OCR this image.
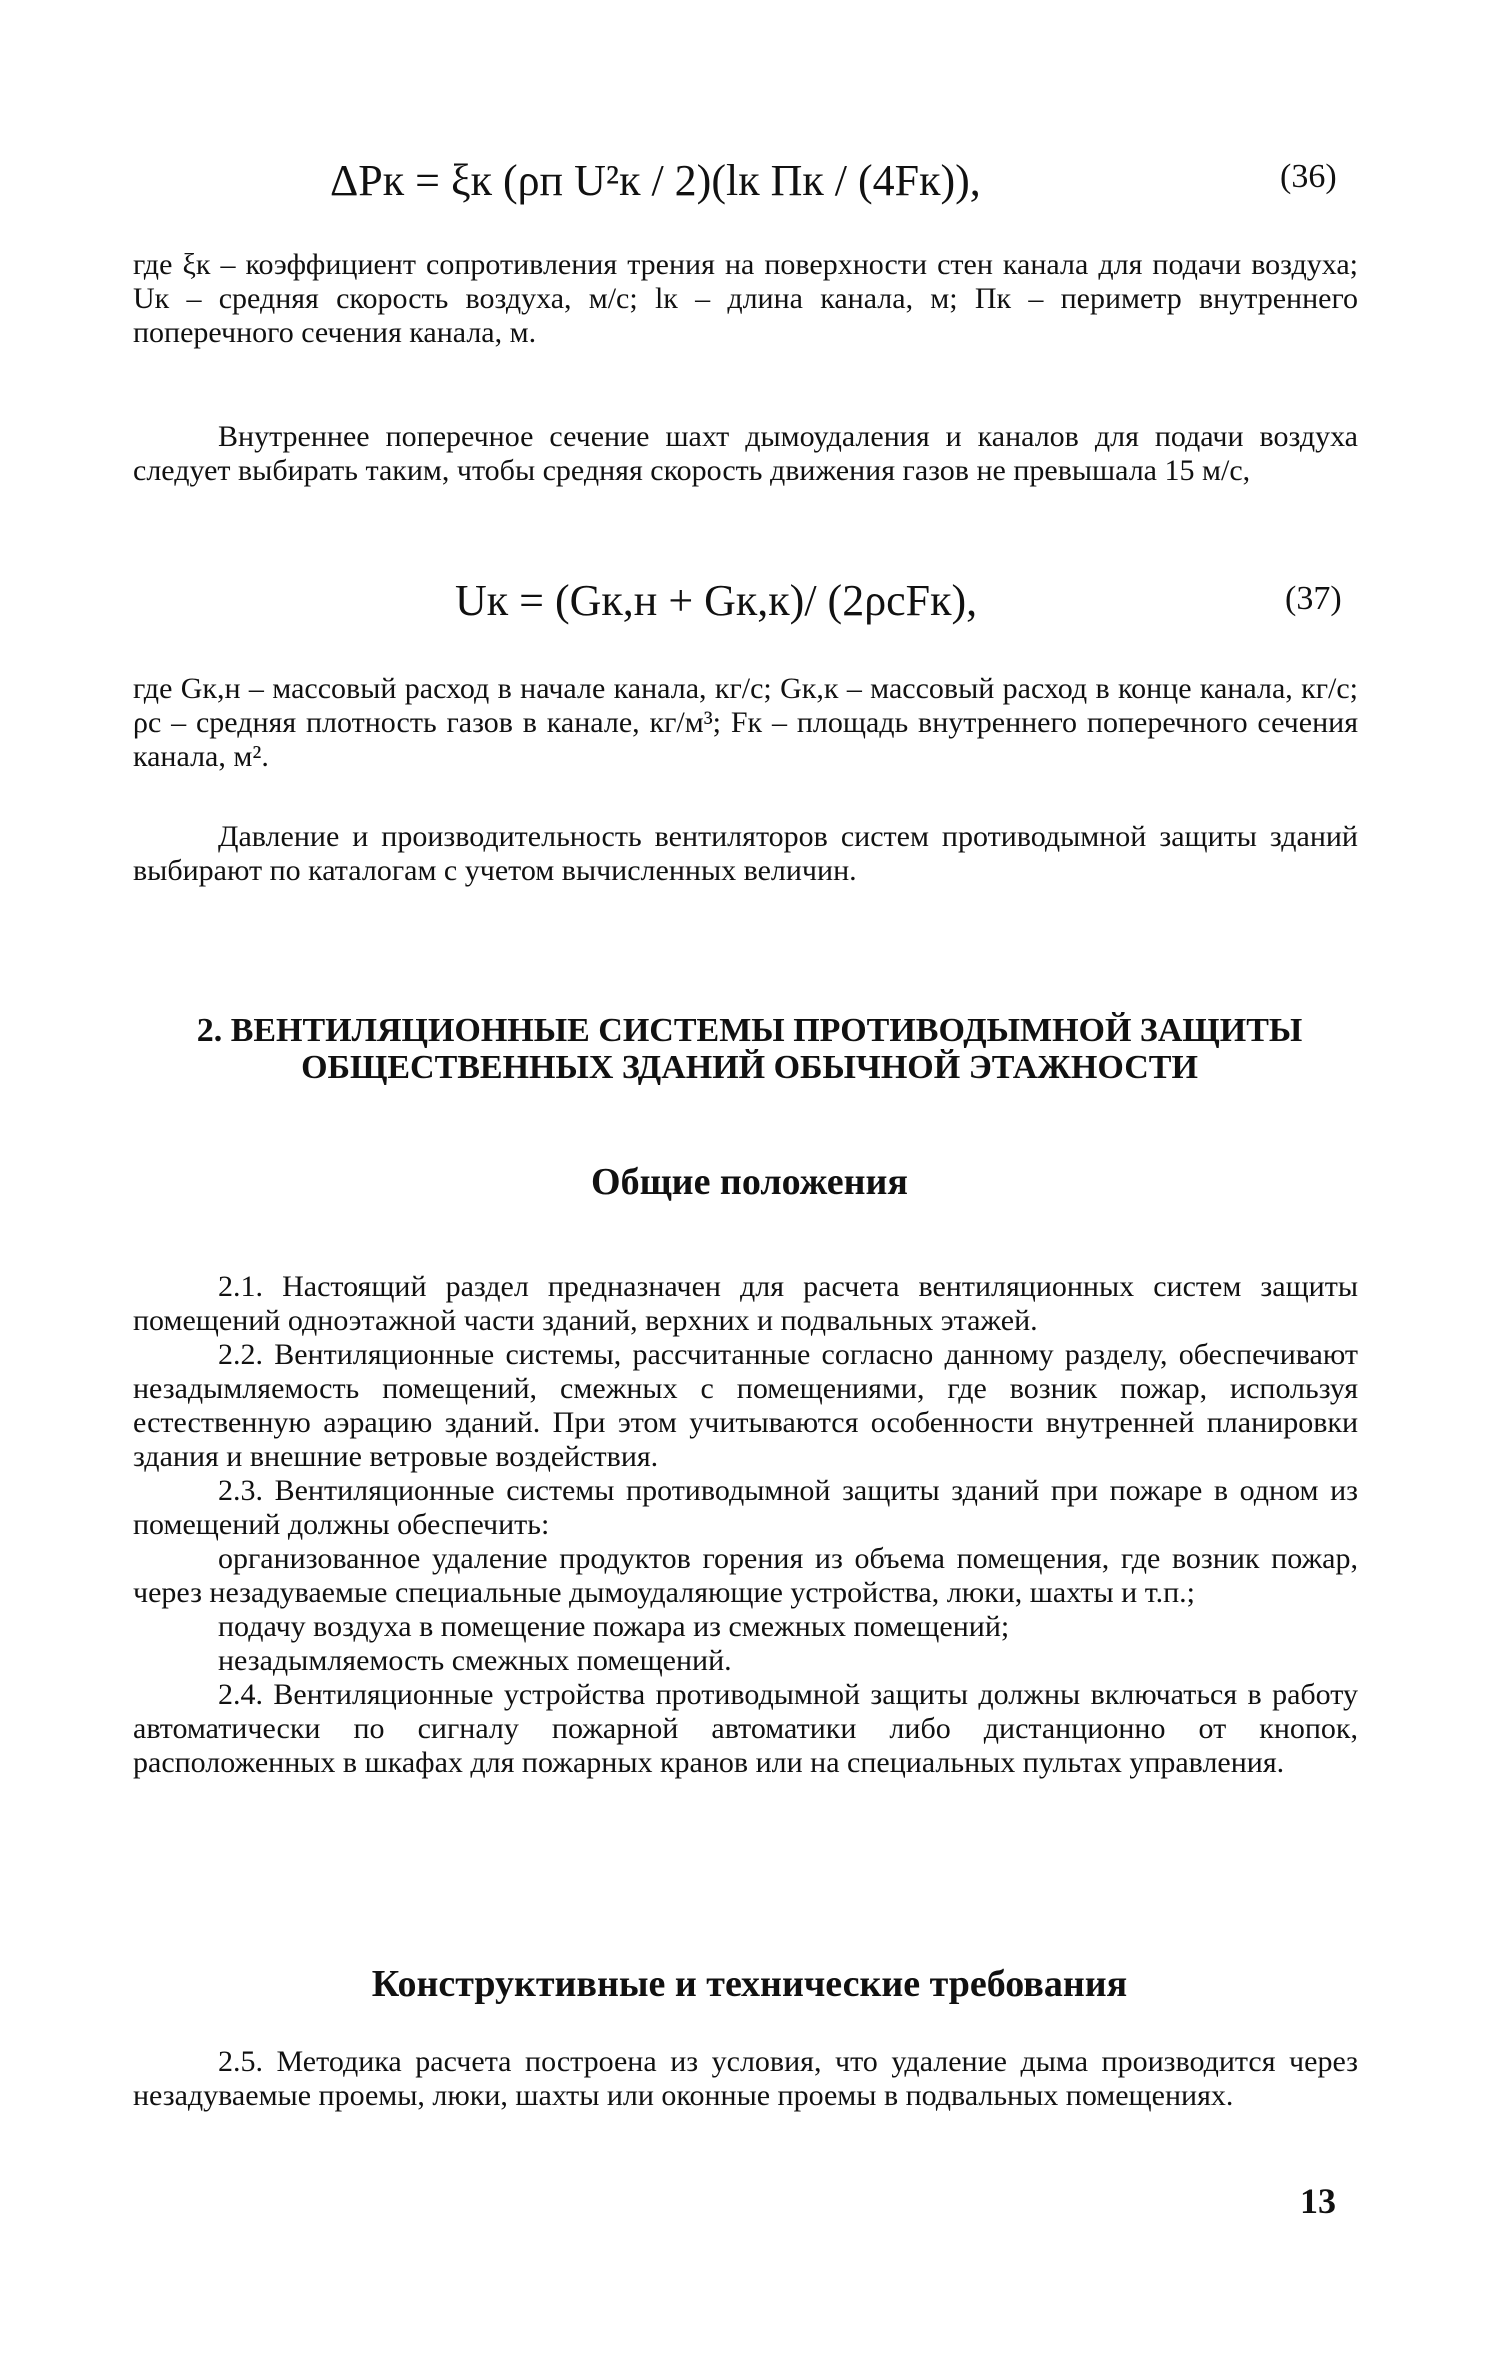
ΔPк = ξк (ρп U²к / 2)(lк Пк / (4Fк)),	(36)

где ξк – коэффициент сопротивления трения на поверхности стен канала для подачи воздуха; Uк – средняя скорость воздуха, м/с; lк – длина канала, м; Пк – периметр внутреннего поперечного сечения канала, м.

Внутреннее поперечное сечение шахт дымоудаления и каналов для подачи воздуха следует выбирать таким, чтобы средняя скорость движения газов не превышала 15 м/с,

Uк = (Gк,н + Gк,к)/ (2ρcFк),	(37)

где Gк,н – массовый расход в начале канала, кг/с; Gк,к – массовый расход в конце канала, кг/с; ρc – средняя плотность газов в канале, кг/м³; Fк – площадь внутреннего поперечного сечения канала, м².

Давление и производительность вентиляторов систем противодымной защиты зданий выбирают по каталогам с учетом вычисленных величин.

2. ВЕНТИЛЯЦИОННЫЕ СИСТЕМЫ ПРОТИВОДЫМНОЙ ЗАЩИТЫ
ОБЩЕСТВЕННЫХ ЗДАНИЙ ОБЫЧНОЙ ЭТАЖНОСТИ
Общие положения

2.1. Настоящий раздел предназначен для расчета вентиляционных систем защиты помещений одноэтажной части зданий, верхних и подвальных этажей.

2.2. Вентиляционные системы, рассчитанные согласно данному разделу, обеспечивают незадымляемость помещений, смежных с помещениями, где возник пожар, используя естественную аэрацию зданий. При этом учитываются особенности внутренней планировки здания и внешние ветровые воздействия.

2.3. Вентиляционные системы противодымной защиты зданий при пожаре в одном из помещений должны обеспечить:

организованное удаление продуктов горения из объема помещения, где возник пожар, через незадуваемые специальные дымоудаляющие устройства, люки, шахты и т.п.;

подачу воздуха в помещение пожара из смежных помещений;

незадымляемость смежных помещений.

2.4. Вентиляционные устройства противодымной защиты должны включаться в работу автоматически по сигналу пожарной автоматики либо дистанционно от кнопок, расположенных в шкафах для пожарных кранов или на специальных пультах управления.

Конструктивные и технические требования

2.5. Методика расчета построена из условия, что удаление дыма производится через незадуваемые проемы, люки, шахты или оконные проемы в подвальных помещениях.

13
